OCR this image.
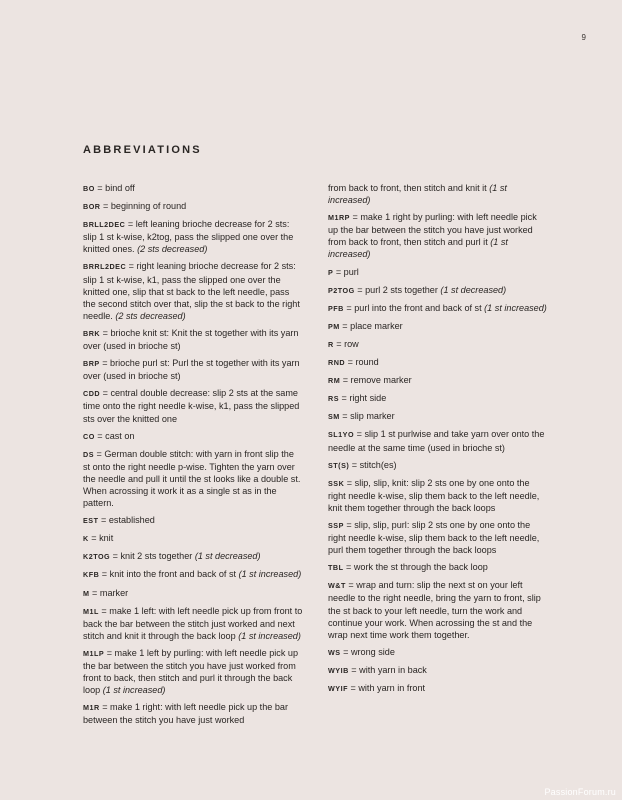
9
ABBREVIATIONS

BO = bind off

BOR = beginning of round

BRLL2DEC = left leaning brioche decrease for 2 sts: slip 1 st k-wise, k2tog, pass the slipped one over the knitted ones. (2 sts decreased)

BRRL2DEC = right leaning brioche decrease for 2 sts: slip 1 st k-wise, k1, pass the slipped one over the knitted one, slip that st back to the left needle, pass the second stitch over that, slip the st back to the right needle. (2 sts decreased)

BRK = brioche knit st: Knit the st together with its yarn over (used in brioche st)

BRP = brioche purl st: Purl the st together with its yarn over (used in brioche st)

CDD = central double decrease: slip 2 sts at the same time onto the right needle k-wise, k1, pass the slipped sts over the knitted one

CO = cast on

DS = German double stitch: with yarn in front slip the st onto the right needle p-wise. Tighten the yarn over the needle and pull it until the st looks like a double st. When acrossing it work it as a single st as in the pattern.

EST = established

K = knit

K2TOG = knit 2 sts together (1 st decreased)

KFB = knit into the front and back of st (1 st increased)

M = marker

M1L = make 1 left: with left needle pick up from front to back the bar between the stitch just worked and next stitch and knit it through the back loop (1 st increased)

M1LP = make 1 left by purling: with left needle pick up the bar between the stitch you have just worked from front to back, then stitch and purl it through the back loop (1 st increased)

M1R = make 1 right: with left needle pick up the bar between the stitch you have just worked

from back to front, then stitch and knit it (1 st increased)

M1RP = make 1 right by purling: with left needle pick up the bar between the stitch you have just worked from back to front, then stitch and purl it (1 st increased)

P = purl

P2TOG = purl 2 sts together (1 st decreased)

PFB = purl into the front and back of st (1 st increased)

PM = place marker

R = row

RND = round

RM = remove marker

RS = right side

SM = slip marker

SL1YO = slip 1 st purlwise and take yarn over onto the needle at the same time (used in brioche st)

ST(S) = stitch(es)

SSK = slip, slip, knit: slip 2 sts one by one onto the right needle k-wise, slip them back to the left needle, knit them together through the back loops

SSP = slip, slip, purl: slip 2 sts one by one onto the right needle k-wise, slip them back to the left needle, purl them together through the back loops

TBL = work the st through the back loop

W&T = wrap and turn: slip the next st on your left needle to the right needle, bring the yarn to front, slip the st back to your left needle, turn the work and continue your work. When acrossing the st and the wrap next time work them together.

WS = wrong side

WYIB = with yarn in back

WYIF = with yarn in front

PassionForum.ru
